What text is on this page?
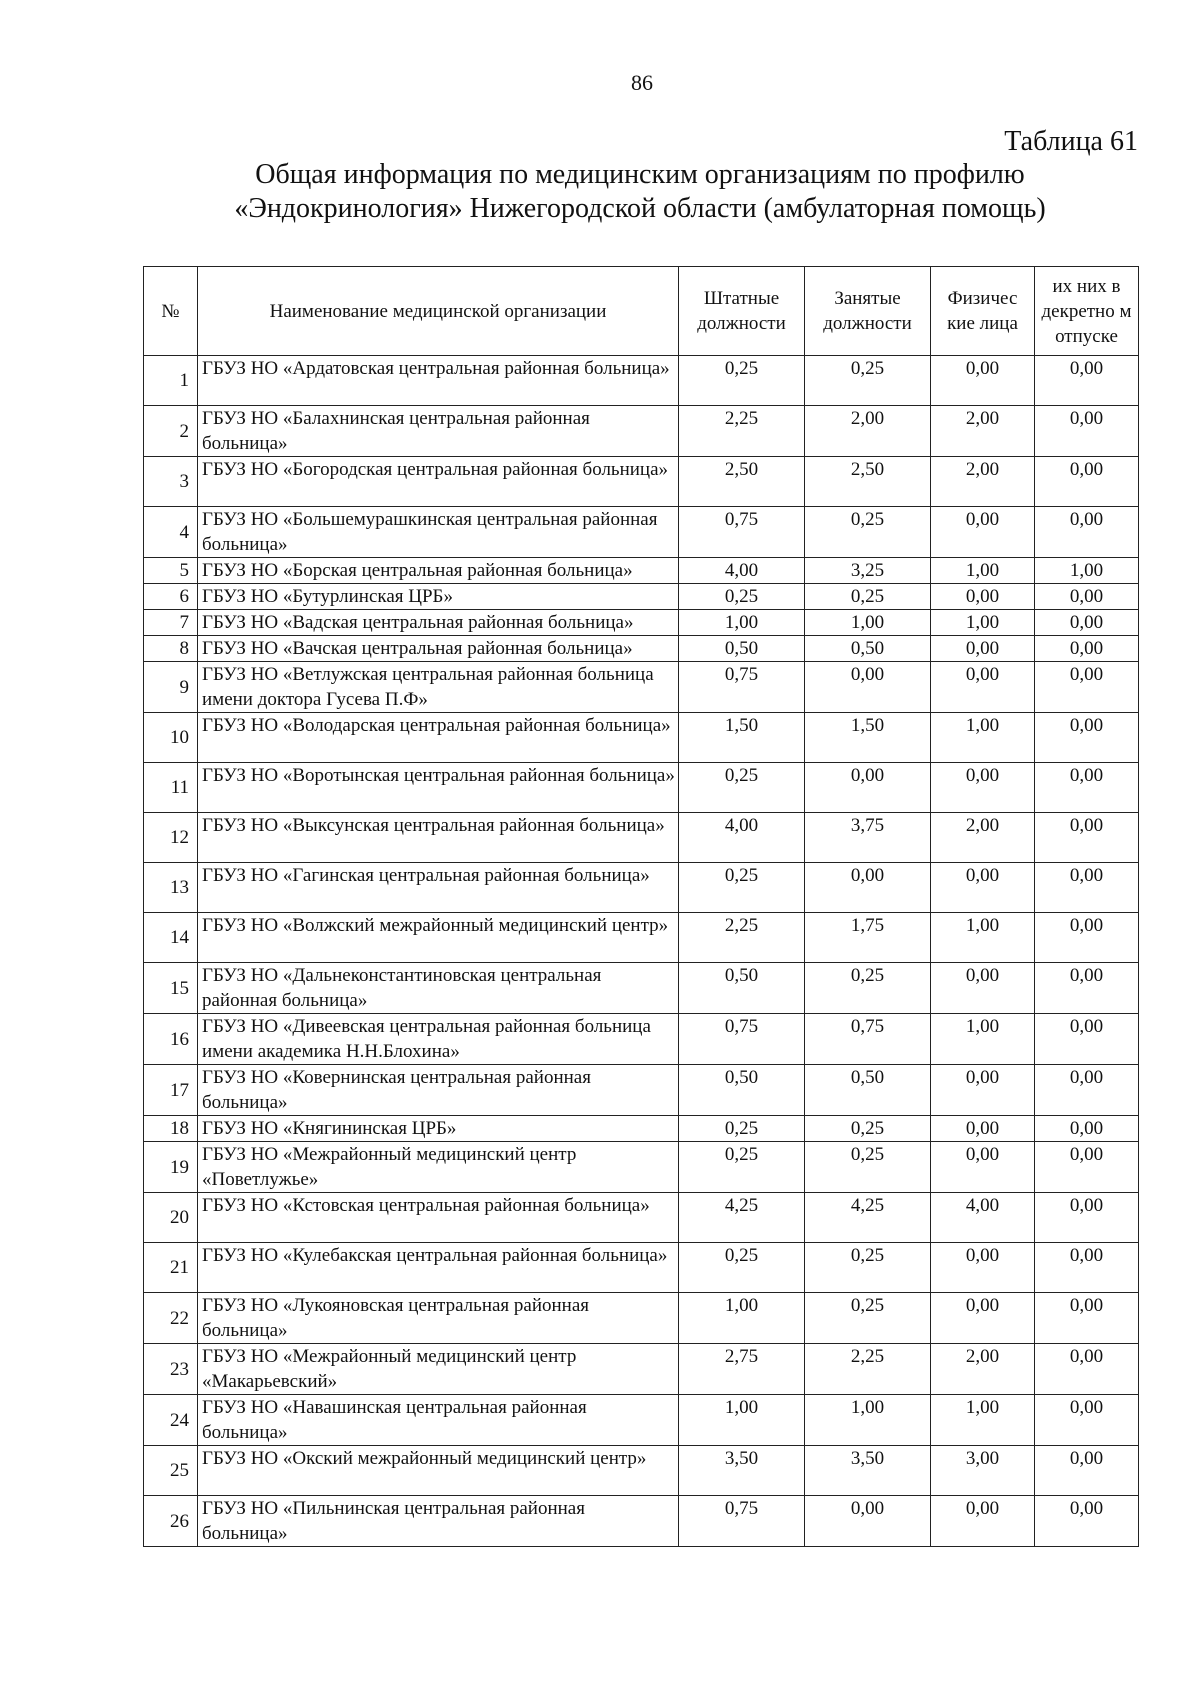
86
Таблица 61
Общая информация по медицинским организациям по профилю
«Эндокринология» Нижегородской области (амбулаторная помощь)
№	Наименование медицинской организации	Штатные должности	Занятые должности	Физичес кие лица	их них в декретно м отпуске
1	ГБУЗ НО «Ардатовская центральная районная больница»	0,25	0,25	0,00	0,00
2	ГБУЗ НО «Балахнинская центральная районная больница»	2,25	2,00	2,00	0,00
3	ГБУЗ НО «Богородская центральная районная больница»	2,50	2,50	2,00	0,00
4	ГБУЗ НО «Большемурашкинская центральная районная больница»	0,75	0,25	0,00	0,00
5	ГБУЗ НО «Борская центральная районная больница»	4,00	3,25	1,00	1,00
6	ГБУЗ НО «Бутурлинская ЦРБ»	0,25	0,25	0,00	0,00
7	ГБУЗ НО «Вадская центральная районная больница»	1,00	1,00	1,00	0,00
8	ГБУЗ НО «Вачская центральная районная больница»	0,50	0,50	0,00	0,00
9	ГБУЗ НО «Ветлужская центральная районная больница имени доктора Гусева П.Ф»	0,75	0,00	0,00	0,00
10	ГБУЗ НО «Володарская центральная районная больница»	1,50	1,50	1,00	0,00
11	ГБУЗ НО «Воротынская центральная районная больница»	0,25	0,00	0,00	0,00
12	ГБУЗ НО «Выксунская центральная районная больница»	4,00	3,75	2,00	0,00
13	ГБУЗ НО «Гагинская центральная районная больница»	0,25	0,00	0,00	0,00
14	ГБУЗ НО «Волжский межрайонный медицинский центр»	2,25	1,75	1,00	0,00
15	ГБУЗ НО «Дальнеконстантиновская центральная районная больница»	0,50	0,25	0,00	0,00
16	ГБУЗ НО «Дивеевская центральная районная больница имени академика Н.Н.Блохина»	0,75	0,75	1,00	0,00
17	ГБУЗ НО «Ковернинская центральная районная больница»	0,50	0,50	0,00	0,00
18	ГБУЗ НО «Княгининская ЦРБ»	0,25	0,25	0,00	0,00
19	ГБУЗ НО «Межрайонный медицинский центр «Поветлужье»	0,25	0,25	0,00	0,00
20	ГБУЗ НО «Кстовская центральная районная больница»	4,25	4,25	4,00	0,00
21	ГБУЗ НО «Кулебакская центральная районная больница»	0,25	0,25	0,00	0,00
22	ГБУЗ НО «Лукояновская центральная районная больница»	1,00	0,25	0,00	0,00
23	ГБУЗ НО «Межрайонный медицинский центр «Макарьевский»	2,75	2,25	2,00	0,00
24	ГБУЗ НО «Навашинская центральная районная больница»	1,00	1,00	1,00	0,00
25	ГБУЗ НО «Окский межрайонный медицинский центр»	3,50	3,50	3,00	0,00
26	ГБУЗ НО «Пильнинская центральная районная больница»	0,75	0,00	0,00	0,00
